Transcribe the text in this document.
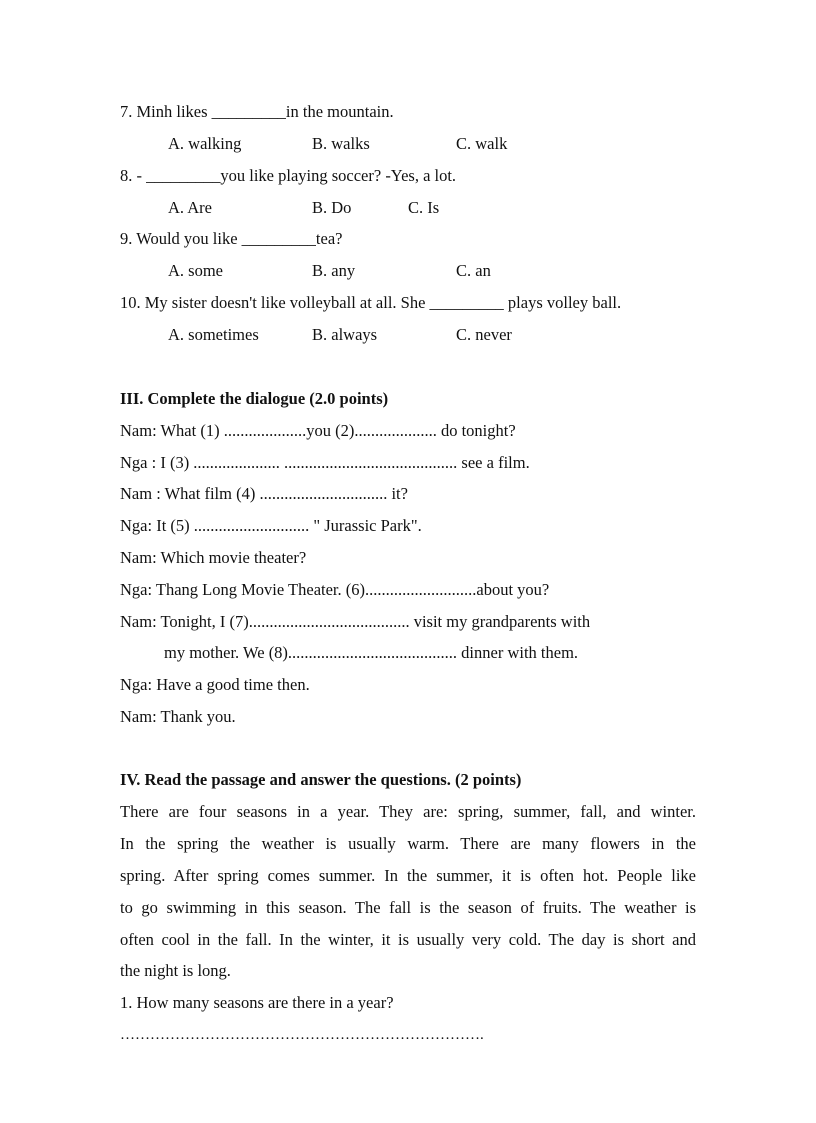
7. Minh likes _________in the mountain.
A. walking	B. walks	C. walk
8. - _________you like playing soccer? -Yes, a lot.
A. Are	B. Do	C. Is
9. Would you like _________tea?
A. some	B. any	C. an
10. My sister doesn't like volleyball at all. She _________ plays volley ball.
A. sometimes	B. always	C. never
III. Complete the dialogue (2.0 points)
Nam: What (1) ....................you (2).................... do tonight?
Nga : I (3) ..................... .......................................... see a film.
Nam : What film (4) ............................... it?
Nga: It (5) ............................ " Jurassic Park".
Nam: Which movie theater?
Nga: Thang Long Movie Theater. (6)...........................about you?
Nam: Tonight, I (7)....................................... visit my grandparents with
my mother. We (8)......................................... dinner with them.
Nga: Have a good time then.
Nam: Thank you.
IV. Read the passage and answer the questions. (2 points)
There are four seasons in a year. They are: spring, summer, fall, and winter.
In the spring the weather is usually warm. There are many flowers in the
spring. After spring comes summer. In the summer, it is often hot. People like
to go swimming in this season. The fall is the season of fruits. The weather is
often cool in the fall. In the winter, it is usually very cold. The day is short and
the night is long.
1. How many seasons are there in a year?
……………………………………………………………….
